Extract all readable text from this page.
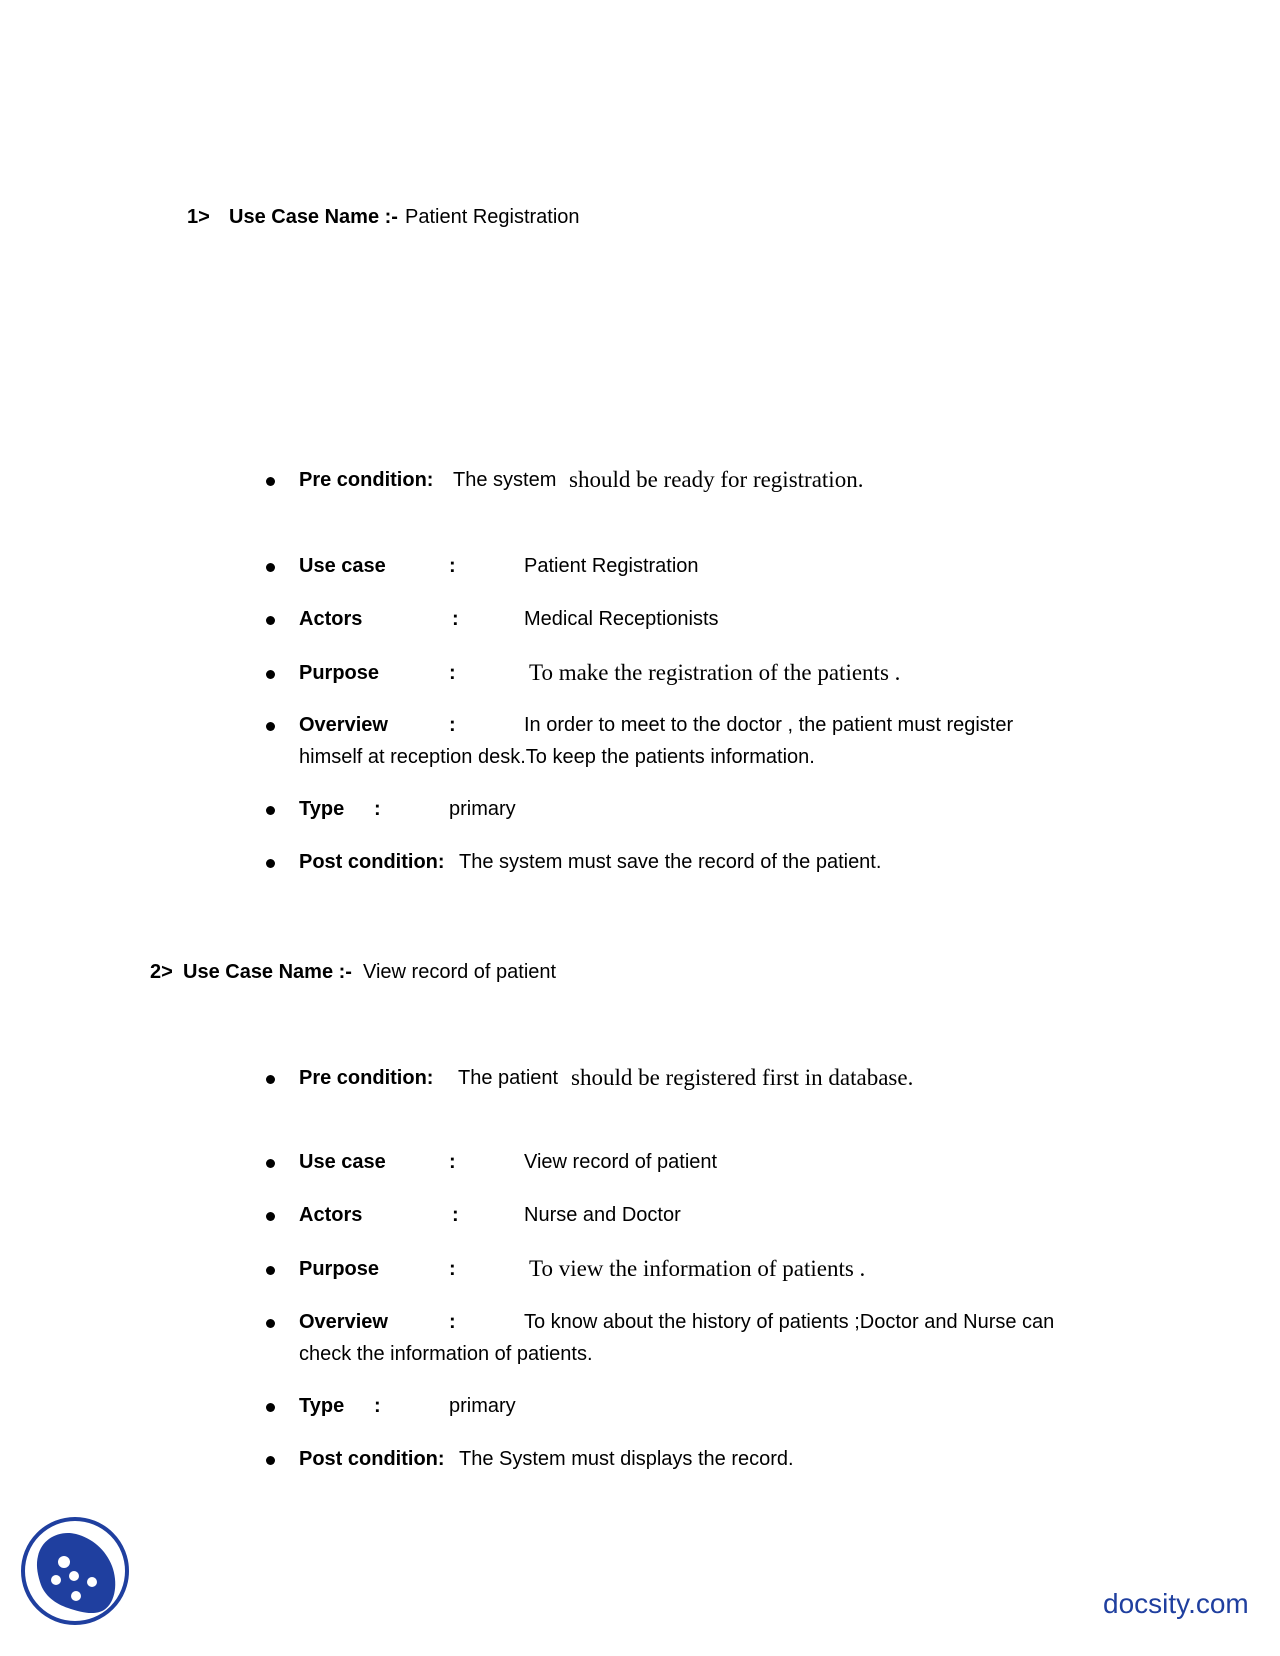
1> Use Case Name :- Patient Registration
Pre condition: The system should be ready for registration.
Use case	:	Patient Registration
Actors	:	Medical Receptionists
Purpose	:	To make the registration of the patients .
Overview	:	In order to meet to the doctor , the patient must register
himself at reception desk.To keep the patients information.
Type :	primary
Post condition: The system must save the record of the patient.
2> Use Case Name :- View record of patient
Pre condition: The patient should be registered first in database.
Use case	:	View record of patient
Actors	:	Nurse and Doctor
Purpose	:	To view the information of patients .
Overview	:	To know about the history of patients ;Doctor and Nurse can
check the information of patients.
Type :	primary
Post condition: The System must displays the record.
docsity.com
